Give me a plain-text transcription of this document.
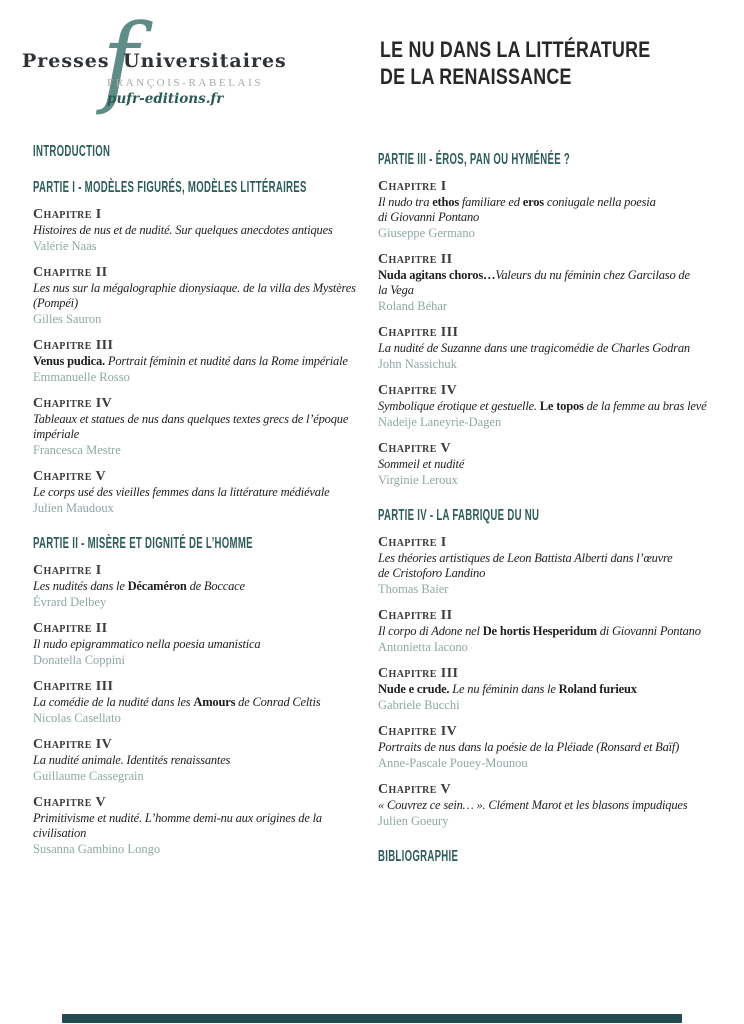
f
Presses Universitaires
FRANÇOIS-RABELAIS
pufr-editions.fr
LE NU DANS LA LITTÉRATURE
DE LA RENAISSANCE
INTRODUCTION
PARTIE I - MODÈLES FIGURÉS, MODÈLES LITTÉRAIRES
Chapitre I
Histoires de nus et de nudité. Sur quelques anecdotes antiques
Valérie Naas
Chapitre II
Les nus sur la mégalographie dionysiaque. de la villa des Mystères
(Pompéi)
Gilles Sauron
Chapitre III
Venus pudica. Portrait féminin et nudité dans la Rome impériale
Emmanuelle Rosso
Chapitre IV
Tableaux et statues de nus dans quelques textes grecs de l’époque
impériale
Francesca Mestre
Chapitre V
Le corps usé des vieilles femmes dans la littérature médiévale
Julien Maudoux
PARTIE II - MISÈRE ET DIGNITÉ DE L’HOMME
Chapitre I
Les nudités dans le Décaméron de Boccace
Évrard Delbey
Chapitre II
Il nudo epigrammatico nella poesia umanistica
Donatella Coppini
Chapitre III
La comédie de la nudité dans les Amours de Conrad Celtis
Nicolas Casellato
Chapitre IV
La nudité animale. Identités renaissantes
Guillaume Cassegrain
Chapitre V
Primitivisme et nudité. L’homme demi-nu aux origines de la
civilisation
Susanna Gambino Longo
PARTIE III - ÉROS, PAN OU HYMÉNÉE ?
Chapitre I
Il nudo tra ethos familiare ed eros coniugale nella poesia
di Giovanni Pontano
Giuseppe Germano
Chapitre II
Nuda agitans choros…Valeurs du nu féminin chez Garcilaso de
la Vega
Roland Béhar
Chapitre III
La nudité de Suzanne dans une tragicomédie de Charles Godran
John Nassichuk
Chapitre IV
Symbolique érotique et gestuelle. Le topos de la femme au bras levé
Nadeije Laneyrie-Dagen
Chapitre V
Sommeil et nudité
Virginie Leroux
PARTIE IV - LA FABRIQUE DU NU
Chapitre I
Les théories artistiques de Leon Battista Alberti dans l’œuvre
de Cristoforo Landino
Thomas Baier
Chapitre II
Il corpo di Adone nel De hortis Hesperidum di Giovanni Pontano
Antonietta Iacono
Chapitre III
Nude e crude. Le nu féminin dans le Roland furieux
Gabriele Bucchi
Chapitre IV
Portraits de nus dans la poésie de la Pléiade (Ronsard et Baïf)
Anne-Pascale Pouey-Mounou
Chapitre V
« Couvrez ce sein… ». Clément Marot et les blasons impudiques
Julien Goeury
BIBLIOGRAPHIE
